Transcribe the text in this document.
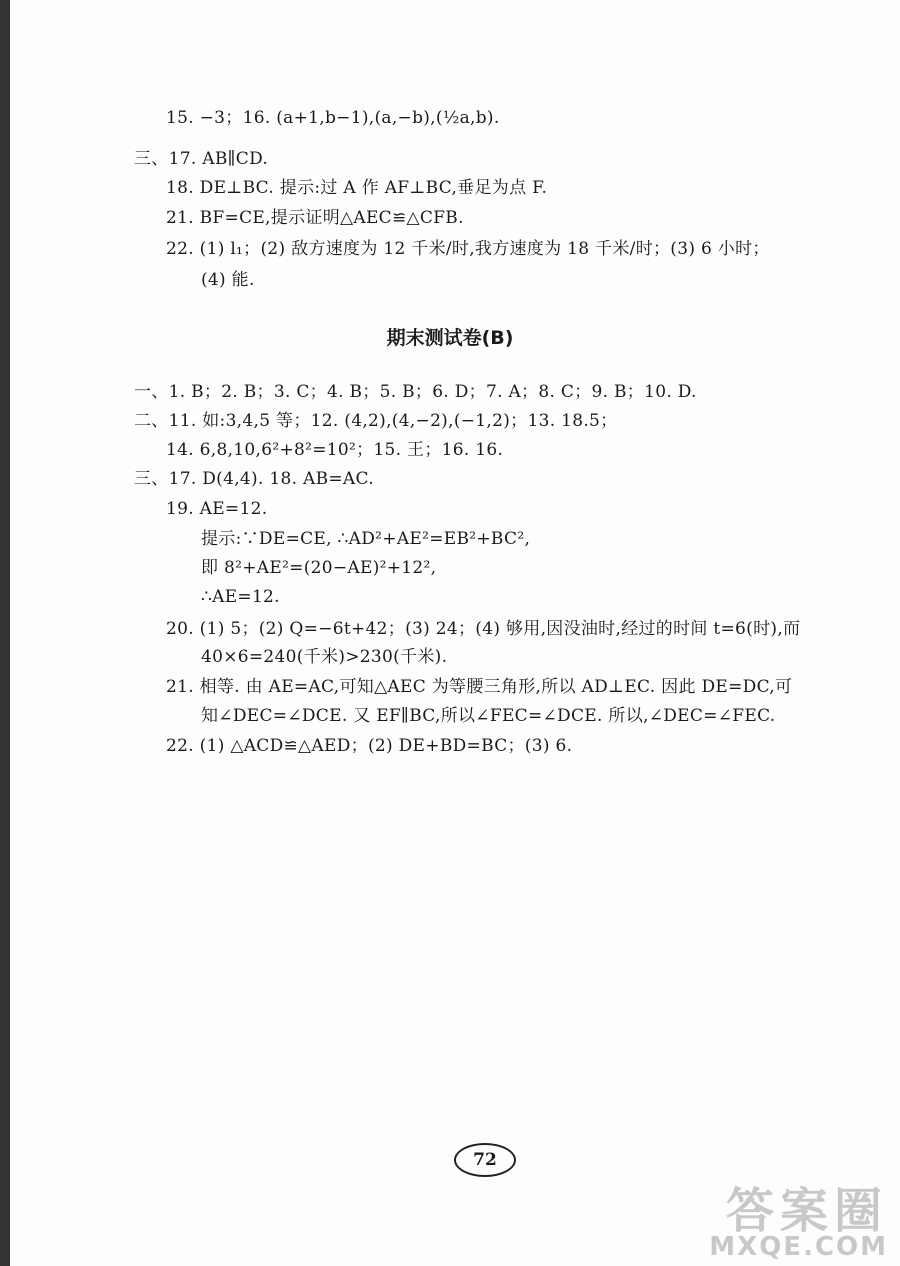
15. −3；16. (a+1,b−1),(a,−b),(½a,b).
三、17. AB∥CD.
18. DE⊥BC. 提示:过 A 作 AF⊥BC,垂足为点 F.
21. BF=CE,提示证明△AEC≌△CFB.
22. (1) l₁；(2) 敌方速度为 12 千米/时,我方速度为 18 千米/时；(3) 6 小时；
(4) 能.
期末测试卷(B)
一、1. B；2. B；3. C；4. B；5. B；6. D；7. A；8. C；9. B；10. D.
二、11. 如:3,4,5 等；12. (4,2),(4,−2),(−1,2)；13. 18.5；
14. 6,8,10,6²+8²=10²；15. 王；16. 16.
三、17. D(4,4). 18. AB=AC.
19. AE=12.
提示:∵DE=CE, ∴AD²+AE²=EB²+BC²,
即 8²+AE²=(20−AE)²+12²,
∴AE=12.
20. (1) 5；(2) Q=−6t+42；(3) 24；(4) 够用,因没油时,经过的时间 t=6(时),而
40×6=240(千米)>230(千米).
21. 相等. 由 AE=AC,可知△AEC 为等腰三角形,所以 AD⊥EC. 因此 DE=DC,可
知∠DEC=∠DCE. 又 EF∥BC,所以∠FEC=∠DCE. 所以,∠DEC=∠FEC.
22. (1) △ACD≌△AED；(2) DE+BD=BC；(3) 6.
72
答案圈
MXQE.COM
